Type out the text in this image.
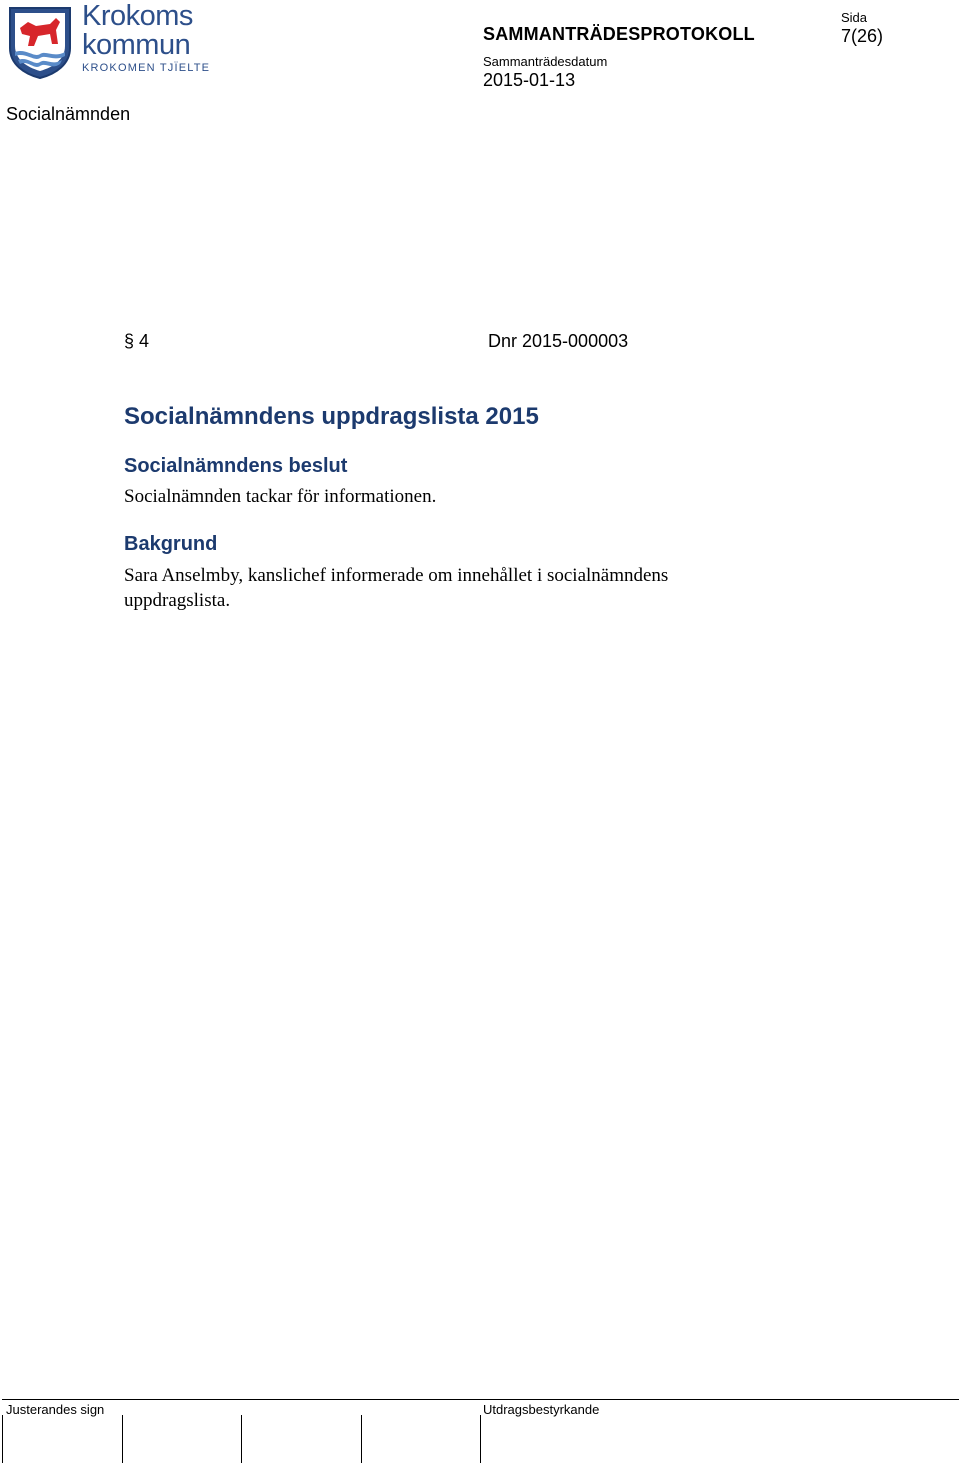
Krokoms
kommun
KROKOMEN TJÏELTE
Socialnämnden
SAMMANTRÄDESPROTOKOLL
Sida
7(26)
Sammanträdesdatum
2015-01-13
§ 4	Dnr 2015-000003
Socialnämndens uppdragslista 2015
Socialnämndens beslut
Socialnämnden tackar för informationen.
Bakgrund
Sara Anselmby, kanslichef informerade om innehållet i socialnämndens uppdragslista.
Justerandes sign	Utdragsbestyrkande
